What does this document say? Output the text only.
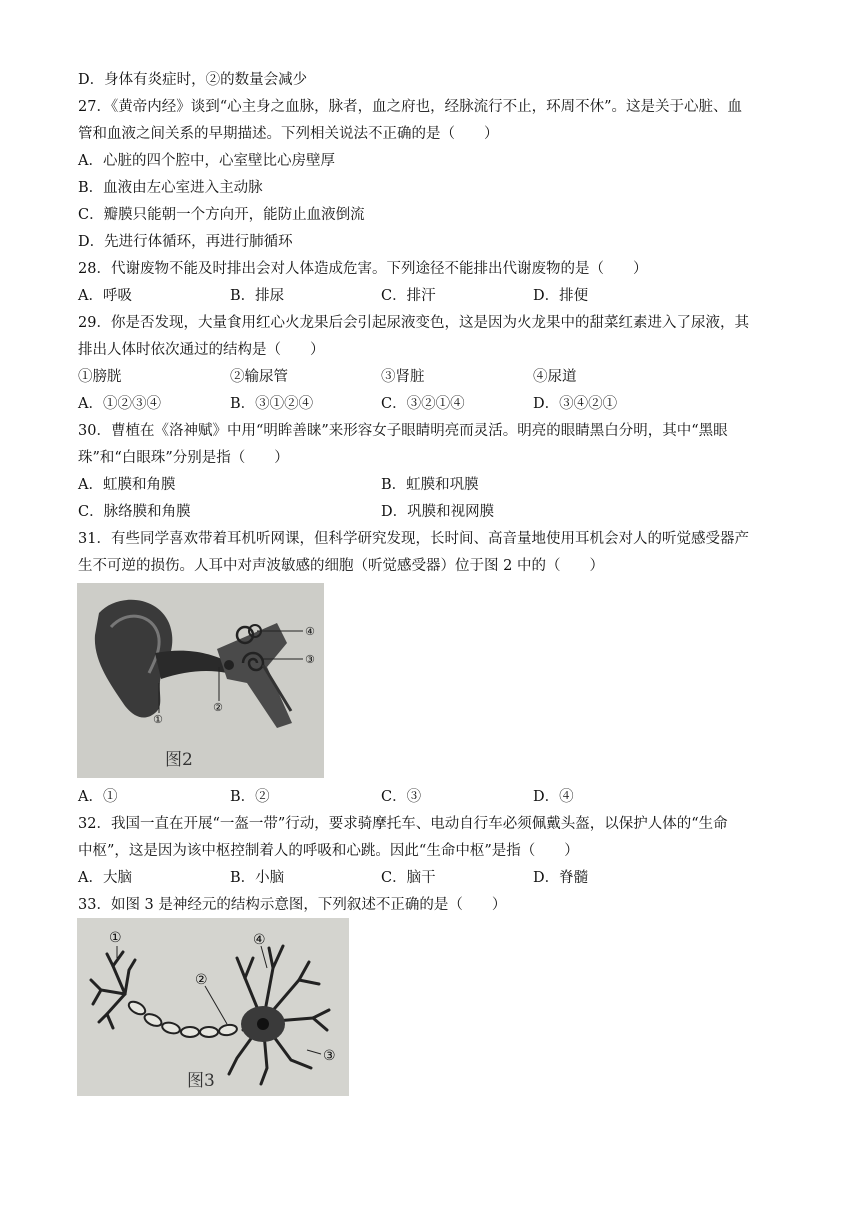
D．身体有炎症时，②的数量会减少
27．《黄帝内经》谈到“心主身之血脉，脉者，血之府也，经脉流行不止，环周不休”。这是关于心脏、血
管和血液之间关系的早期描述。下列相关说法不正确的是（　　）
A．心脏的四个腔中，心室壁比心房壁厚
B．血液由左心室进入主动脉
C．瓣膜只能朝一个方向开，能防止血液倒流
D．先进行体循环，再进行肺循环
28．代谢废物不能及时排出会对人体造成危害。下列途径不能排出代谢废物的是（　　）
A．呼吸	B．排尿	C．排汗	D．排便
29．你是否发现，大量食用红心火龙果后会引起尿液变色，这是因为火龙果中的甜菜红素进入了尿液，其
排出人体时依次通过的结构是（　　）
①膀胱	②输尿管	③肾脏	④尿道
A．①②③④	B．③①②④	C．③②①④	D．③④②①
30．曹植在《洛神赋》中用“明眸善睐”来形容女子眼睛明亮而灵活。明亮的眼睛黑白分明，其中“黑眼
珠”和“白眼珠”分别是指（　　）
A．虹膜和角膜	B．虹膜和巩膜
C．脉络膜和角膜	D．巩膜和视网膜
31．有些同学喜欢带着耳机听网课，但科学研究发现，长时间、高音量地使用耳机会对人的听觉感受器产
生不可逆的损伤。人耳中对声波敏感的细胞（听觉感受器）位于图 2 中的（　　）
④
③
②
①
图2
A．①	B．②	C．③	D．④
32．我国一直在开展“一盔一带”行动，要求骑摩托车、电动自行车必须佩戴头盔，以保护人体的“生命
中枢”，这是因为该中枢控制着人的呼吸和心跳。因此“生命中枢”是指（　　）
A．大脑	B．小脑	C．脑干	D．脊髓
33．如图 3 是神经元的结构示意图，下列叙述不正确的是（　　）
①
②
④
③
图3
